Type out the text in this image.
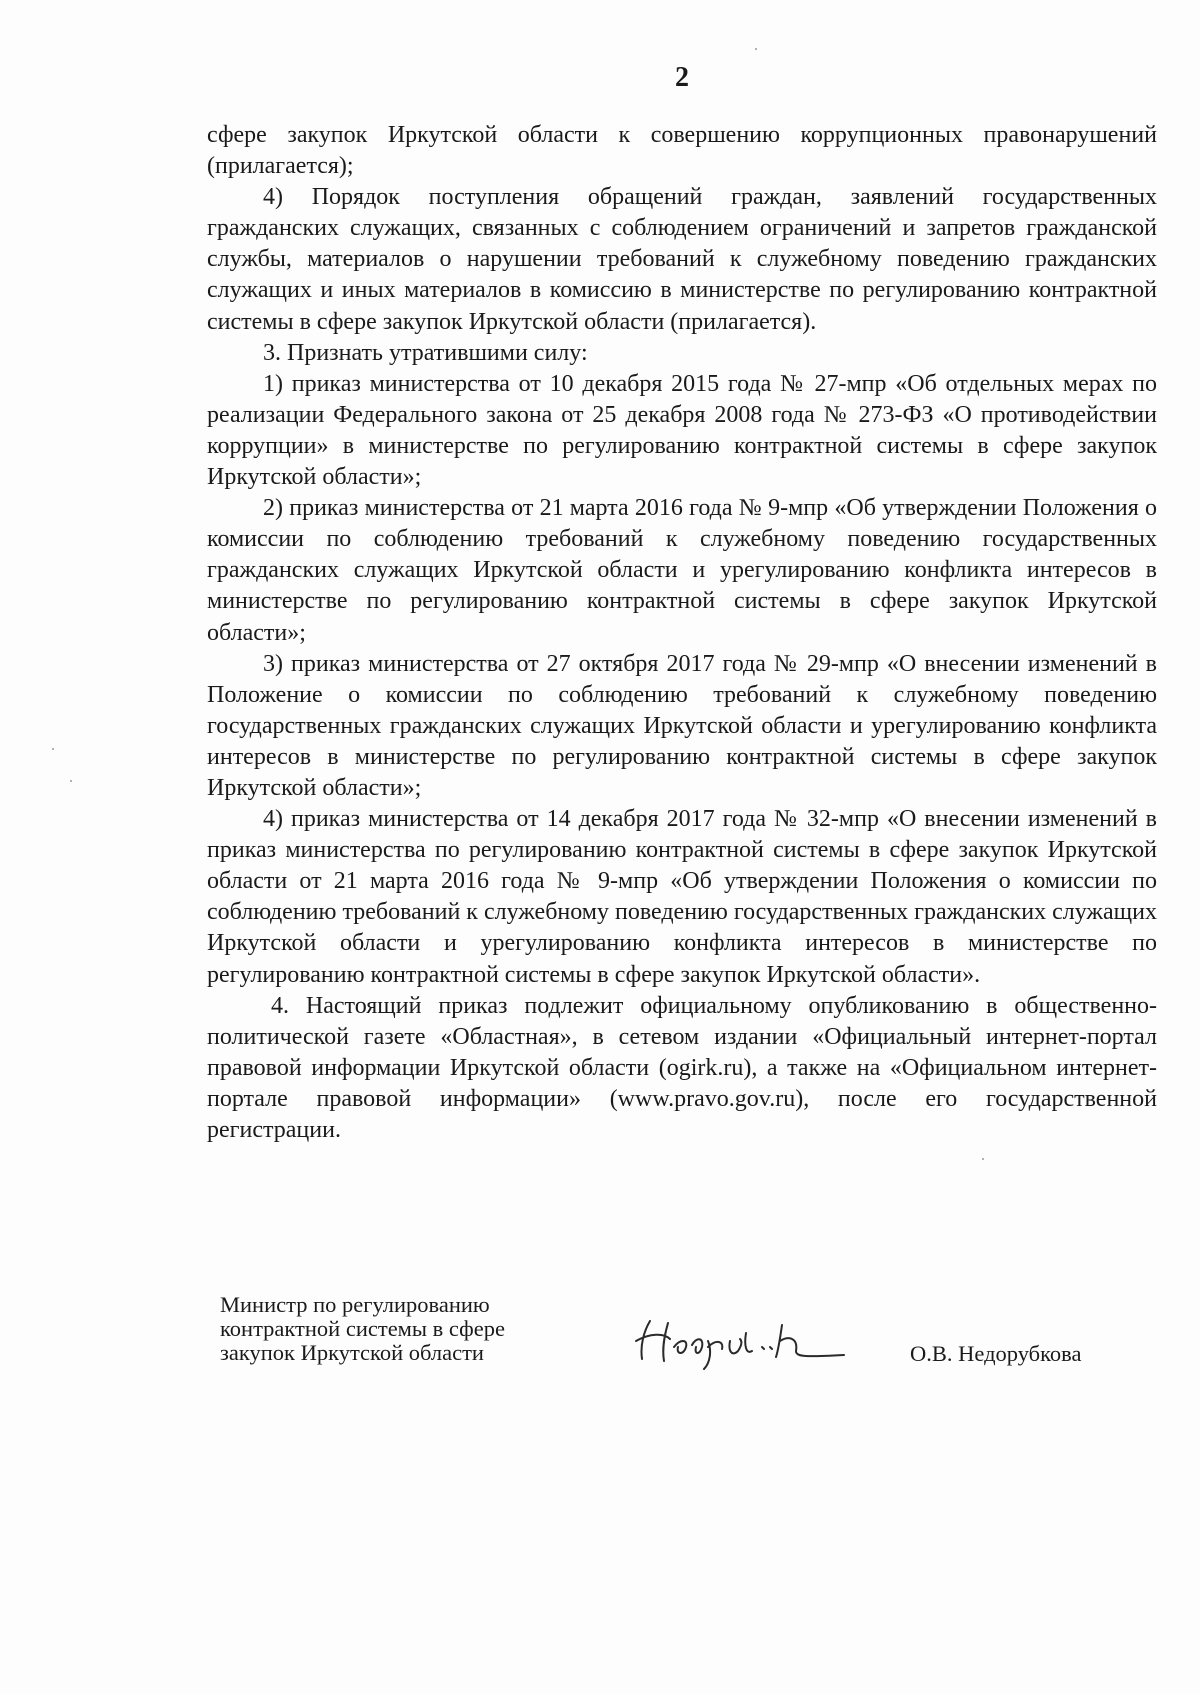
2

сфере закупок Иркутской области к совершению коррупционных правонарушений (прилагается);

4) Порядок поступления обращений граждан, заявлений государственных гражданских служащих, связанных с соблюдением ограничений и запретов гражданской службы, материалов о нарушении требований к служебному поведению гражданских служащих и иных материалов в комиссию в министерстве по регулированию контрактной системы в сфере закупок Иркутской области (прилагается).

3. Признать утратившими силу:

1) приказ министерства от 10 декабря 2015 года № 27-мпр «Об отдельных мерах по реализации Федерального закона от 25 декабря 2008 года № 273-ФЗ «О противодействии коррупции» в министерстве по регулированию контрактной системы в сфере закупок Иркутской области»;

2) приказ министерства от 21 марта 2016 года № 9-мпр «Об утверждении Положения о комиссии по соблюдению требований к служебному поведению государственных гражданских служащих Иркутской области и урегулированию конфликта интересов в министерстве по регулированию контрактной системы в сфере закупок Иркутской области»;

3) приказ министерства от 27 октября 2017 года № 29-мпр «О внесении изменений в Положение о комиссии по соблюдению требований к служебному поведению государственных гражданских служащих Иркутской области и урегулированию конфликта интересов в министерстве по регулированию контрактной системы в сфере закупок Иркутской области»;

4) приказ министерства от 14 декабря 2017 года № 32-мпр «О внесении изменений в приказ министерства по регулированию контрактной системы в сфере закупок Иркутской области от 21 марта 2016 года № 9-мпр «Об утверждении Положения о комиссии по соблюдению требований к служебному поведению государственных гражданских служащих Иркутской области и урегулированию конфликта интересов в министерстве по регулированию контрактной системы в сфере закупок Иркутской области».

4. Настоящий приказ подлежит официальному опубликованию в общественно-политической газете «Областная», в сетевом издании «Официальный интернет-портал правовой информации Иркутской области (ogirk.ru), а также на «Официальном интернет-портале правовой информации» (www.pravo.gov.ru), после его государственной регистрации.

Министр по регулированию
контрактной системы в сфере
закупок Иркутской области	О.В. Недорубкова
